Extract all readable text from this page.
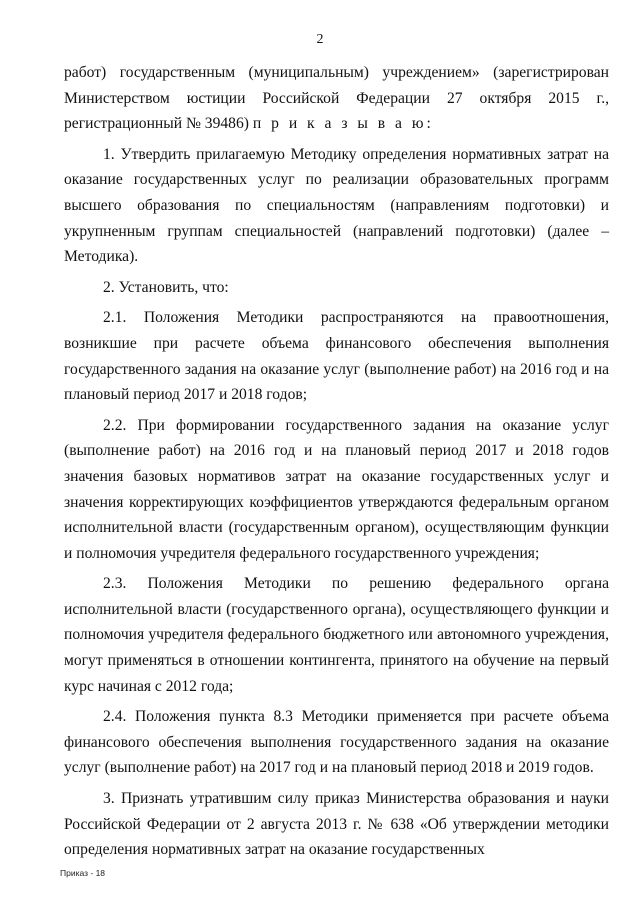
2

работ) государственным (муниципальным) учреждением» (зарегистрирован Министерством юстиции Российской Федерации 27 октября 2015 г., регистрационный № 39486) п р и к а з ы в а ю:

1. Утвердить прилагаемую Методику определения нормативных затрат на оказание государственных услуг по реализации образовательных программ высшего образования по специальностям (направлениям подготовки) и укрупненным группам специальностей (направлений подготовки) (далее – Методика).

2. Установить, что:

2.1. Положения Методики распространяются на правоотношения, возникшие при расчете объема финансового обеспечения выполнения государственного задания на оказание услуг (выполнение работ) на 2016 год и на плановый период 2017 и 2018 годов;

2.2. При формировании государственного задания на оказание услуг (выполнение работ) на 2016 год и на плановый период 2017 и 2018 годов значения базовых нормативов затрат на оказание государственных услуг и значения корректирующих коэффициентов утверждаются федеральным органом исполнительной власти (государственным органом), осуществляющим функции и полномочия учредителя федерального государственного учреждения;

2.3. Положения Методики по решению федерального органа исполнительной власти (государственного органа), осуществляющего функции и полномочия учредителя федерального бюджетного или автономного учреждения, могут применяться в отношении контингента, принятого на обучение на первый курс начиная с 2012 года;

2.4. Положения пункта 8.3 Методики применяется при расчете объема финансового обеспечения выполнения государственного задания на оказание услуг (выполнение работ) на 2017 год и на плановый период 2018 и 2019 годов.

3. Признать утратившим силу приказ Министерства образования и науки Российской Федерации от 2 августа 2013 г. № 638 «Об утверждении методики определения нормативных затрат на оказание государственных

Приказ - 18
